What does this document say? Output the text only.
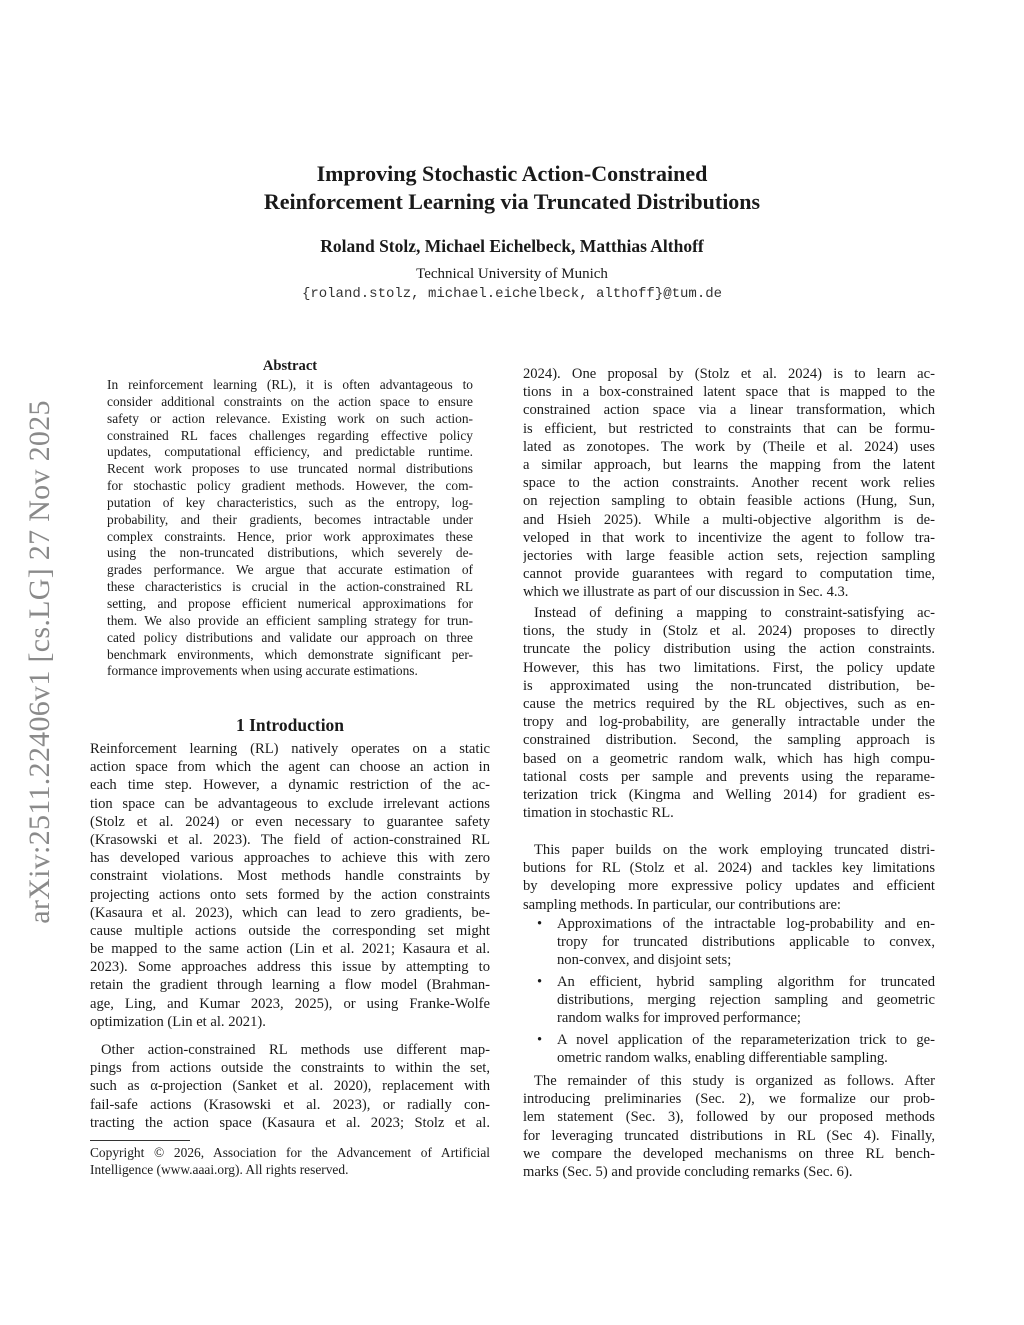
arXiv:2511.22406v1 [cs.LG] 27 Nov 2025
Improving Stochastic Action-Constrained
Reinforcement Learning via Truncated Distributions
Roland Stolz, Michael Eichelbeck, Matthias Althoff
Technical University of Munich
{roland.stolz, michael.eichelbeck, althoff}@tum.de
Abstract
In reinforcement learning (RL), it is often advantageous to
consider additional constraints on the action space to ensure
safety or action relevance. Existing work on such action-
constrained RL faces challenges regarding effective policy
updates, computational efficiency, and predictable runtime.
Recent work proposes to use truncated normal distributions
for stochastic policy gradient methods. However, the com-
putation of key characteristics, such as the entropy, log-
probability, and their gradients, becomes intractable under
complex constraints. Hence, prior work approximates these
using the non-truncated distributions, which severely de-
grades performance. We argue that accurate estimation of
these characteristics is crucial in the action-constrained RL
setting, and propose efficient numerical approximations for
them. We also provide an efficient sampling strategy for trun-
cated policy distributions and validate our approach on three
benchmark environments, which demonstrate significant per-
formance improvements when using accurate estimations.
1 Introduction
Reinforcement learning (RL) natively operates on a static
action space from which the agent can choose an action in
each time step. However, a dynamic restriction of the ac-
tion space can be advantageous to exclude irrelevant actions
(Stolz et al. 2024) or even necessary to guarantee safety
(Krasowski et al. 2023). The field of action-constrained RL
has developed various approaches to achieve this with zero
constraint violations. Most methods handle constraints by
projecting actions onto sets formed by the action constraints
(Kasaura et al. 2023), which can lead to zero gradients, be-
cause multiple actions outside the corresponding set might
be mapped to the same action (Lin et al. 2021; Kasaura et al.
2023). Some approaches address this issue by attempting to
retain the gradient through learning a flow model (Brahman-
age, Ling, and Kumar 2023, 2025), or using Franke-Wolfe
optimization (Lin et al. 2021).
Other action-constrained RL methods use different map-
pings from actions outside the constraints to within the set,
such as α-projection (Sanket et al. 2020), replacement with
fail-safe actions (Krasowski et al. 2023), or radially con-
tracting the action space (Kasaura et al. 2023; Stolz et al.
Copyright © 2026, Association for the Advancement of Artificial
Intelligence (www.aaai.org). All rights reserved.
2024). One proposal by (Stolz et al. 2024) is to learn ac-
tions in a box-constrained latent space that is mapped to the
constrained action space via a linear transformation, which
is efficient, but restricted to constraints that can be formu-
lated as zonotopes. The work by (Theile et al. 2024) uses
a similar approach, but learns the mapping from the latent
space to the action constraints. Another recent work relies
on rejection sampling to obtain feasible actions (Hung, Sun,
and Hsieh 2025). While a multi-objective algorithm is de-
veloped in that work to incentivize the agent to follow tra-
jectories with large feasible action sets, rejection sampling
cannot provide guarantees with regard to computation time,
which we illustrate as part of our discussion in Sec. 4.3.
Instead of defining a mapping to constraint-satisfying ac-
tions, the study in (Stolz et al. 2024) proposes to directly
truncate the policy distribution using the action constraints.
However, this has two limitations. First, the policy update
is approximated using the non-truncated distribution, be-
cause the metrics required by the RL objectives, such as en-
tropy and log-probability, are generally intractable under the
constrained distribution. Second, the sampling approach is
based on a geometric random walk, which has high compu-
tational costs per sample and prevents using the reparame-
terization trick (Kingma and Welling 2014) for gradient es-
timation in stochastic RL.
This paper builds on the work employing truncated distri-
butions for RL (Stolz et al. 2024) and tackles key limitations
by developing more expressive policy updates and efficient
sampling methods. In particular, our contributions are:
• Approximations of the intractable log-probability and en-
tropy for truncated distributions applicable to convex,
non-convex, and disjoint sets;
• An efficient, hybrid sampling algorithm for truncated
distributions, merging rejection sampling and geometric
random walks for improved performance;
• A novel application of the reparameterization trick to ge-
ometric random walks, enabling differentiable sampling.
The remainder of this study is organized as follows. After
introducing preliminaries (Sec. 2), we formalize our prob-
lem statement (Sec. 3), followed by our proposed methods
for leveraging truncated distributions in RL (Sec 4). Finally,
we compare the developed mechanisms on three RL bench-
marks (Sec. 5) and provide concluding remarks (Sec. 6).
